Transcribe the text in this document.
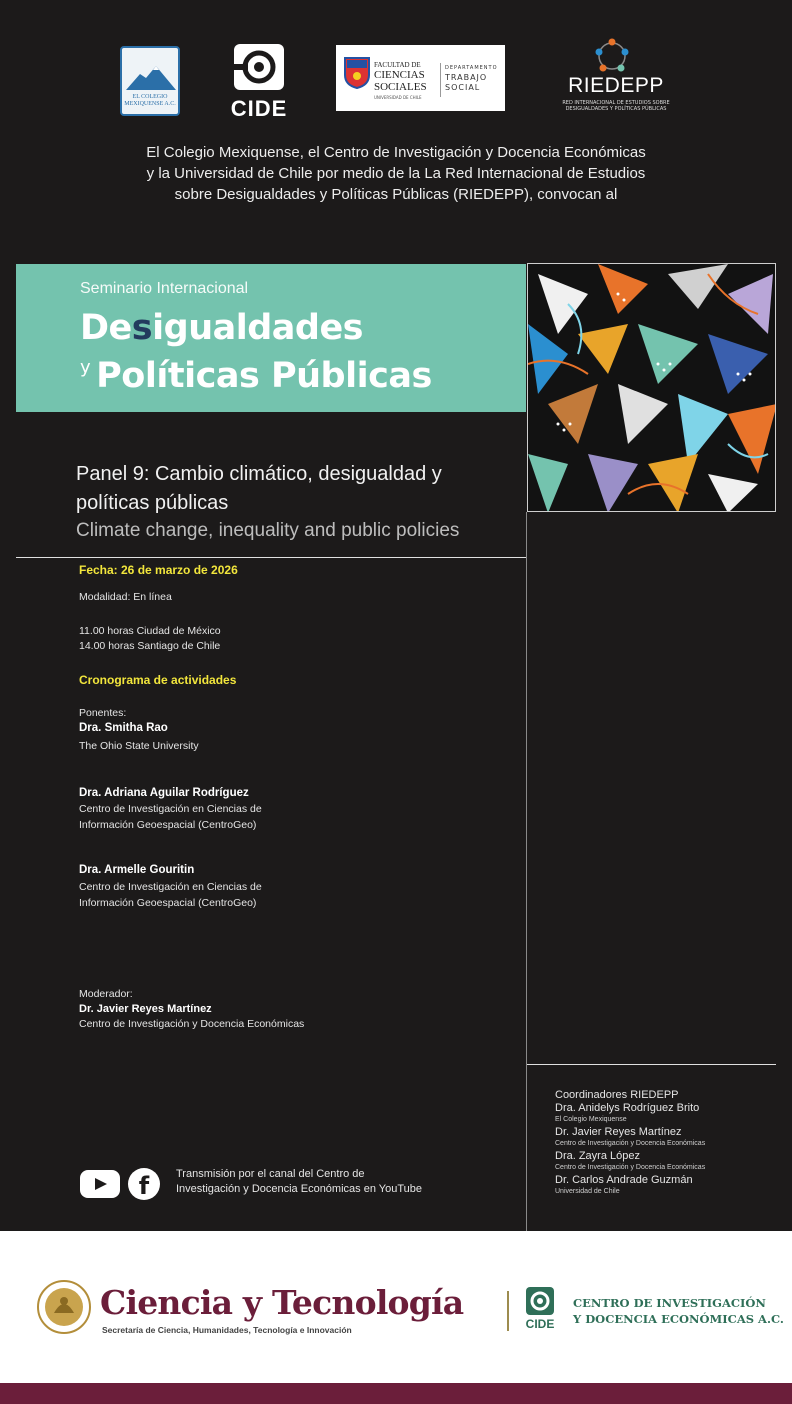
EL COLEGIO MEXIQUENSE A.C. CIDE
FACULTAD DE
CIENCIAS
SOCIALES
UNIVERSIDAD DE CHILE
DEPARTAMENTO
TRABAJO
SOCIAL	RIEDEPP
RED INTERNACIONAL DE ESTUDIOS SOBRE
DESIGUALDADES Y POLÍTICAS PÚBLICAS
El Colegio Mexiquense, el Centro de Investigación y Docencia Económicas
y la Universidad de Chile por medio de la La Red Internacional de Estudios
sobre Desigualdades y Políticas Públicas (RIEDEPP), convocan al
Seminario Internacional
Desigualdades
$^y$ Políticas Públicas
Panel 9: Cambio climático, desigualdad y
políticas públicas
Climate change, inequality and public policies
Fecha: 26 de marzo de 2026
Modalidad: En línea
11.00 horas Ciudad de México
14.00 horas Santiago de Chile
Cronograma de actividades
Ponentes:
Dra. Smitha Rao
The Ohio State University
Dra. Adriana Aguilar Rodríguez
Centro de Investigación en Ciencias de
Información Geoespacial (CentroGeo)
Dra. Armelle Gouritin
Centro de Investigación en Ciencias de
Información Geoespacial (CentroGeo)
Moderador:
Dr. Javier Reyes Martínez
Centro de Investigación y Docencia Económicas
Coordinadores RIEDEPP
Dra. Anidelys Rodríguez Brito
El Colegio Mexiquense
Dr. Javier Reyes Martínez
Centro de Investigación y Docencia Económicas
Dra. Zayra López
Centro de Investigación y Docencia Económicas
Dr. Carlos Andrade Guzmán
Universidad de Chile
f	Transmisión por el canal del Centro de
Investigación y Docencia Económicas en YouTube
Ciencia y Tecnología
Secretaría de Ciencia, Humanidades, Tecnología e Innovación	CIDE
CENTRO DE INVESTIGACIÓN
Y DOCENCIA ECONÓMICAS A.C.
